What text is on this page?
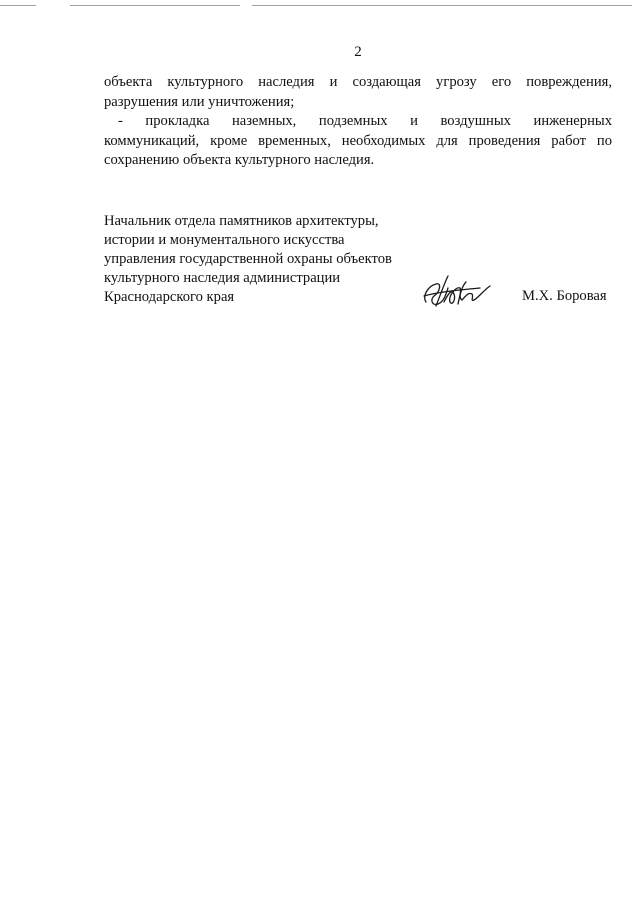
2

объекта культурного наследия и создающая угрозу его повреждения,
разрушения или уничтожения;

- прокладка наземных, подземных и воздушных инженерных
коммуникаций, кроме временных, необходимых для проведения работ по
сохранению объекта культурного наследия.

Начальник отдела памятников архитектуры,
истории и монументального искусства
управления государственной охраны объектов
культурного наследия администрации
Краснодарского края	М.Х. Боровая
